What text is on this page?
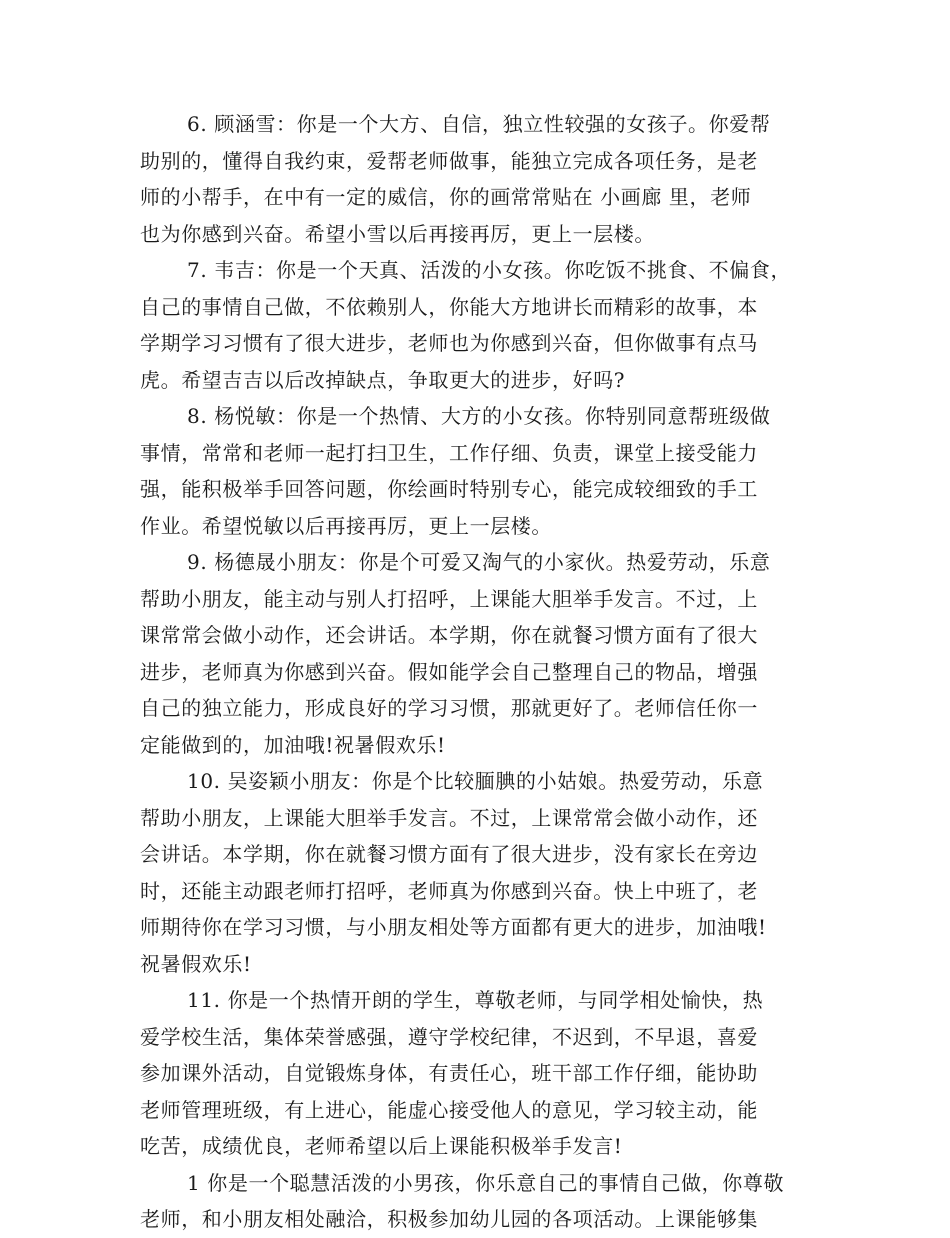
6. 顾涵雪：你是一个大方、自信，独立性较强的女孩子。你爱帮
助别的，懂得自我约束，爱帮老师做事，能独立完成各项任务，是老
师的小帮手，在中有一定的威信，你的画常常贴在 小画廊 里，老师
也为你感到兴奋。希望小雪以后再接再厉，更上一层楼。

7. 韦吉：你是一个天真、活泼的小女孩。你吃饭不挑食、不偏食，
自己的事情自己做，不依赖别人，你能大方地讲长而精彩的故事，本
学期学习习惯有了很大进步，老师也为你感到兴奋，但你做事有点马
虎。希望吉吉以后改掉缺点，争取更大的进步，好吗?

8. 杨悦敏：你是一个热情、大方的小女孩。你特别同意帮班级做
事情，常常和老师一起打扫卫生，工作仔细、负责，课堂上接受能力
强，能积极举手回答问题，你绘画时特别专心，能完成较细致的手工
作业。希望悦敏以后再接再厉，更上一层楼。

9. 杨德晟小朋友：你是个可爱又淘气的小家伙。热爱劳动，乐意
帮助小朋友，能主动与别人打招呼，上课能大胆举手发言。不过，上
课常常会做小动作，还会讲话。本学期，你在就餐习惯方面有了很大
进步，老师真为你感到兴奋。假如能学会自己整理自己的物品，增强
自己的独立能力，形成良好的学习习惯，那就更好了。老师信任你一
定能做到的，加油哦!祝暑假欢乐!

10. 吴姿颖小朋友：你是个比较腼腆的小姑娘。热爱劳动，乐意
帮助小朋友，上课能大胆举手发言。不过，上课常常会做小动作，还
会讲话。本学期，你在就餐习惯方面有了很大进步，没有家长在旁边
时，还能主动跟老师打招呼，老师真为你感到兴奋。快上中班了，老
师期待你在学习习惯，与小朋友相处等方面都有更大的进步，加油哦!
祝暑假欢乐!

11. 你是一个热情开朗的学生，尊敬老师，与同学相处愉快，热
爱学校生活，集体荣誉感强，遵守学校纪律，不迟到，不早退，喜爱
参加课外活动，自觉锻炼身体，有责任心，班干部工作仔细，能协助
老师管理班级，有上进心，能虚心接受他人的意见，学习较主动，能
吃苦，成绩优良，老师希望以后上课能积极举手发言!

1 你是一个聪慧活泼的小男孩，你乐意自己的事情自己做，你尊敬
老师，和小朋友相处融洽，积极参加幼儿园的各项活动。上课能够集
